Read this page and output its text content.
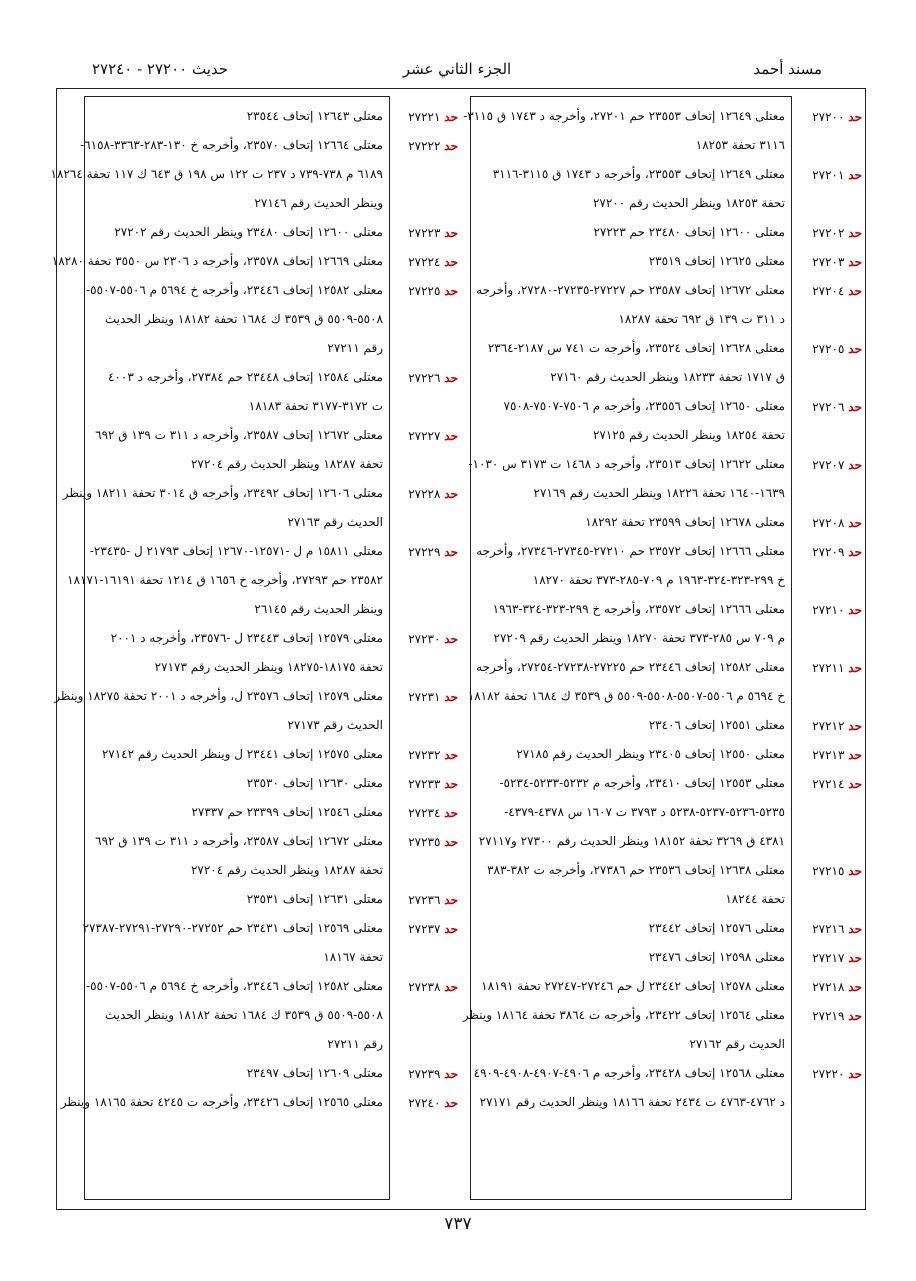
مسند أحمد
الجزء الثاني عشر
حديث ٢٧٢٠٠ - ٢٧٢٤٠
حد ٢٧٢٠٠
حد ٢٧٢٠١
حد ٢٧٢٠٢
حد ٢٧٢٠٣
حد ٢٧٢٠٤
حد ٢٧٢٠٥
حد ٢٧٢٠٦
حد ٢٧٢٠٧
حد ٢٧٢٠٨
حد ٢٧٢٠٩
حد ٢٧٢١٠
حد ٢٧٢١١
حد ٢٧٢١٢
حد ٢٧٢١٣
حد ٢٧٢١٤
حد ٢٧٢١٥
حد ٢٧٢١٦
حد ٢٧٢١٧
حد ٢٧٢١٨
حد ٢٧٢١٩
حد ٢٧٢٢٠
معتلى ١٢٦٤٩ إتحاف ٢٣٥٥٣ حم ٢٧٢٠١، وأخرجه د ١٧٤٣ ق ٣١١٥-
٣١١٦ تحفة ١٨٢٥٣
معتلى ١٢٦٤٩ إتحاف ٢٣٥٥٣، وأخرجه د ١٧٤٣ ق ٣١١٥-٣١١٦
تحفة ١٨٢٥٣ وينظر الحديث رقم ٢٧٢٠٠
معتلى ١٢٦٠٠ إتحاف ٢٣٤٨٠ حم ٢٧٢٢٣
معتلى ١٢٦٢٥ إتحاف ٢٣٥١٩
معتلى ١٢٦٧٢ إتحاف ٢٣٥٨٧ حم ٢٧٢٢٧-٢٧٢٣٥-٢٧٢٨٠، وأخرجه
د ٣١١ ت ١٣٩ ق ٦٩٢ تحفة ١٨٢٨٧
معتلى ١٢٦٢٨ إتحاف ٢٣٥٢٤، وأخرجه ت ٧٤١ س ٢١٨٧-٢٣٦٤
ق ١٧١٧ تحفة ١٨٢٣٣ وينظر الحديث رقم ٢٧١٦٠
معتلى ١٢٦٥٠ إتحاف ٢٣٥٥٦، وأخرجه م ٧٥٠٦-٧٥٠٧-٧٥٠٨
تحفة ١٨٢٥٤ وينظر الحديث رقم ٢٧١٢٥
معتلى ١٢٦٢٢ إتحاف ٢٣٥١٣، وأخرجه د ١٤٦٨ ت ٣١٧٣ س ١٠٣٠-
١٦٣٩-١٦٤٠ تحفة ١٨٢٢٦ وينظر الحديث رقم ٢٧١٦٩
معتلى ١٢٦٧٨ إتحاف ٢٣٥٩٩ تحفة ١٨٢٩٢
معتلى ١٢٦٦٦ إتحاف ٢٣٥٧٢ حم ٢٧٢١٠-٢٧٣٤٥-٢٧٣٤٦، وأخرجه
خ ٢٩٩-٣٢٣-٣٢٤-١٩٦٣ م ٧٠٩-٢٨٥-٣٧٣ تحفة ١٨٢٧٠
معتلى ١٢٦٦٦ إتحاف ٢٣٥٧٢، وأخرجه خ ٢٩٩-٣٢٣-٣٢٤-١٩٦٣
م ٧٠٩ س ٢٨٥-٣٧٣ تحفة ١٨٢٧٠ وينظر الحديث رقم ٢٧٢٠٩
معتلى ١٢٥٨٢ إتحاف ٢٣٤٤٦ حم ٢٧٢٢٥-٢٧٢٣٨-٢٧٢٥٤، وأخرجه
خ ٥٦٩٤ م ٥٥٠٦-٥٥٠٧-٥٥٠٨-٥٥٠٩ ق ٣٥٣٩ ك ١٦٨٤ تحفة ١٨١٨٢
معتلى ١٢٥٥١ إتحاف ٢٣٤٠٦
معتلى ١٢٥٥٠ إتحاف ٢٣٤٠٥ وينظر الحديث رقم ٢٧١٨٥
معتلى ١٢٥٥٣ إتحاف ٢٣٤١٠، وأخرجه م ٥٢٣٢-٥٢٣٣-٥٢٣٤-
٥٢٣٥-٥٢٣٦-٥٢٣٧-٥٢٣٨ د ٣٧٩٣ ت ١٦٠٧ س ٤٣٧٨-٤٣٧٩-
٤٣٨١ ق ٣٢٦٩ تحفة ١٨١٥٢ وينظر الحديث رقم ٢٧٣٠٠ و٢٧١١٧
معتلى ١٢٦٣٨ إتحاف ٢٣٥٣٦ حم ٢٧٣٨٦، وأخرجه ت ٣٨٢-٣٨٣
تحفة ١٨٢٤٤
معتلى ١٢٥٧٦ إتحاف ٢٣٤٤٢
معتلى ١٢٥٩٨ إتحاف ٢٣٤٧٦
معتلى ١٢٥٧٨ إتحاف ٢٣٤٤٢ ل حم ٢٧٢٤٦-٢٧٢٤٧ تحفة ١٨١٩١
معتلى ١٢٥٦٤ إتحاف ٢٣٤٢٢، وأخرجه ت ٣٨٦٤ تحفة ١٨١٦٤ وينظر
الحديث رقم ٢٧١٦٢
معتلى ١٢٥٦٨ إتحاف ٢٣٤٢٨، وأخرجه م ٤٩٠٦-٤٩٠٧-٤٩٠٨-٤٩٠٩
د ٤٧٦٢-٤٧٦٣ ت ٢٤٣٤ تحفة ١٨١٦٦ وينظر الحديث رقم ٢٧١٧١
حد ٢٧٢٢١
حد ٢٧٢٢٢
حد ٢٧٢٢٣
حد ٢٧٢٢٤
حد ٢٧٢٢٥
حد ٢٧٢٢٦
حد ٢٧٢٢٧
حد ٢٧٢٢٨
حد ٢٧٢٢٩
حد ٢٧٢٣٠
حد ٢٧٢٣١
حد ٢٧٢٣٢
حد ٢٧٢٣٣
حد ٢٧٢٣٤
حد ٢٧٢٣٥
حد ٢٧٢٣٦
حد ٢٧٢٣٧
حد ٢٧٢٣٨
حد ٢٧٢٣٩
حد ٢٧٢٤٠
معتلى ١٢٦٤٣ إتحاف ٢٣٥٤٤
معتلى ١٢٦٦٤ إتحاف ٢٣٥٧٠، وأخرجه خ ١٣٠-٢٨٣-٣٣٦٣-٦١٥٨-
٦١٨٩ م ٧٣٨-٧٣٩ د ٢٣٧ ت ١٢٢ س ١٩٨ ق ٦٤٣ ك ١١٧ تحفة ١٨٢٦٤
وينظر الحديث رقم ٢٧١٤٦
معتلى ١٢٦٠٠ إتحاف ٢٣٤٨٠ وينظر الحديث رقم ٢٧٢٠٢
معتلى ١٢٦٦٩ إتحاف ٢٣٥٧٨، وأخرجه د ٢٣٠٦ س ٣٥٥٠ تحفة ١٨٢٨٠
معتلى ١٢٥٨٢ إتحاف ٢٣٤٤٦، وأخرجه خ ٥٦٩٤ م ٥٥٠٦-٥٥٠٧-
٥٥٠٨-٥٥٠٩ ق ٣٥٣٩ ك ١٦٨٤ تحفة ١٨١٨٢ وينظر الحديث
رقم ٢٧٢١١
معتلى ١٢٥٨٤ إتحاف ٢٣٤٤٨ حم ٢٧٣٨٤، وأخرجه د ٤٠٠٣
ت ٣١٧٢-٣١٧٧ تحفة ١٨١٨٣
معتلى ١٢٦٧٢ إتحاف ٢٣٥٨٧، وأخرجه د ٣١١ ت ١٣٩ ق ٦٩٢
تحفة ١٨٢٨٧ وينظر الحديث رقم ٢٧٢٠٤
معتلى ١٢٦٠٦ إتحاف ٢٣٤٩٢، وأخرجه ق ٣٠١٤ تحفة ١٨٢١١ وينظر
الحديث رقم ٢٧١٦٣
معتلى ١٥٨١١ م ل -١٢٥٧١-١٢٦٧٠ إتحاف ٢١٧٩٣ ل -٢٣٤٣٥-
٢٣٥٨٢ حم ٢٧٢٩٣، وأخرجه خ ١٦٥٦ ق ١٢١٤ تحفة ١٦١٩١-١٨١٧١
وينظر الحديث رقم ٢٦١٤٥
معتلى ١٢٥٧٩ إتحاف ٢٣٤٤٣ ل -٢٣٥٧٦، وأخرجه د ٢٠٠١
تحفة ١٨١٧٥-١٨٢٧٥ وينظر الحديث رقم ٢٧١٧٣
معتلى ١٢٥٧٩ إتحاف ٢٣٥٧٦ ل، وأخرجه د ٢٠٠١ تحفة ١٨٢٧٥ وينظر
الحديث رقم ٢٧١٧٣
معتلى ١٢٥٧٥ إتحاف ٢٣٤٤١ ل وينظر الحديث رقم ٢٧١٤٢
معتلى ١٢٦٣٠ إتحاف ٢٣٥٣٠
معتلى ١٢٥٤٦ إتحاف ٢٣٣٩٩ حم ٢٧٣٣٧
معتلى ١٢٦٧٢ إتحاف ٢٣٥٨٧، وأخرجه د ٣١١ ت ١٣٩ ق ٦٩٢
تحفة ١٨٢٨٧ وينظر الحديث رقم ٢٧٢٠٤
معتلى ١٢٦٣١ إتحاف ٢٣٥٣١
معتلى ١٢٥٦٩ إتحاف ٢٣٤٣١ حم ٢٧٢٥٢-٢٧٢٩٠-٢٧٢٩١-٢٧٣٨٧
تحفة ١٨١٦٧
معتلى ١٢٥٨٢ إتحاف ٢٣٤٤٦، وأخرجه خ ٥٦٩٤ م ٥٥٠٦-٥٥٠٧-
٥٥٠٨-٥٥٠٩ ق ٣٥٣٩ ك ١٦٨٤ تحفة ١٨١٨٢ وينظر الحديث
رقم ٢٧٢١١
معتلى ١٢٦٠٩ إتحاف ٢٣٤٩٧
معتلى ١٢٥٦٥ إتحاف ٢٣٤٢٦، وأخرجه ت ٤٢٤٥ تحفة ١٨١٦٥ وينظر
٧٣٧
